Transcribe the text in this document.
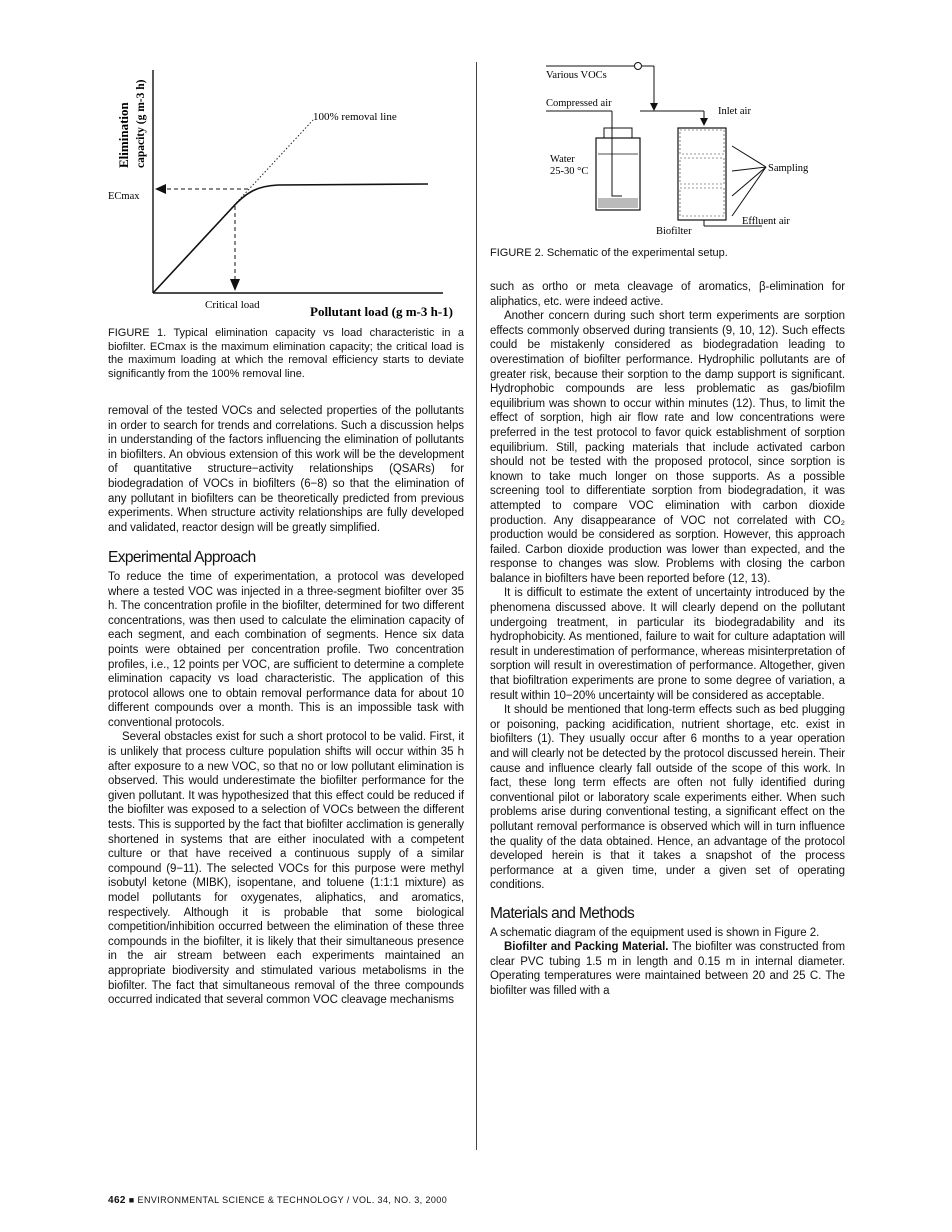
Elimination capacity (g m-3 h)	100% removal line
ECmax
Critical load	Pollutant load (g m-3 h-1)
FIGURE 1. Typical elimination capacity vs load characteristic in a biofilter. ECmax is the maximum elimination capacity; the critical load is the maximum loading at which the removal efficiency starts to deviate significantly from the 100% removal line.

removal of the tested VOCs and selected properties of the pollutants in order to search for trends and correlations. Such a discussion helps in understanding of the factors influencing the elimination of pollutants in biofilters. An obvious extension of this work will be the development of quantitative structure−activity relationships (QSARs) for biodegradation of VOCs in biofilters (6−8) so that the elimination of any pollutant in biofilters can be theoretically predicted from previous experiments. When structure activity relationships are fully developed and validated, reactor design will be greatly simplified.

Experimental Approach

To reduce the time of experimentation, a protocol was developed where a tested VOC was injected in a three-segment biofilter over 35 h. The concentration profile in the biofilter, determined for two different concentrations, was then used to calculate the elimination capacity of each segment, and each combination of segments. Hence six data points were obtained per concentration profile. Two concentration profiles, i.e., 12 points per VOC, are sufficient to determine a complete elimination capacity vs load characteristic. The application of this protocol allows one to obtain removal performance data for about 10 different compounds over a month. This is an impossible task with conventional protocols.

Several obstacles exist for such a short protocol to be valid. First, it is unlikely that process culture population shifts will occur within 35 h after exposure to a new VOC, so that no or low pollutant elimination is observed. This would underestimate the biofilter performance for the given pollutant. It was hypothesized that this effect could be reduced if the biofilter was exposed to a selection of VOCs between the different tests. This is supported by the fact that biofilter acclimation is generally shortened in systems that are either inoculated with a competent culture or that have received a continuous supply of a similar compound (9−11). The selected VOCs for this purpose were methyl isobutyl ketone (MIBK), isopentane, and toluene (1:1:1 mixture) as model pollutants for oxygenates, aliphatics, and aromatics, respectively. Although it is probable that some biological competition/inhibition occurred between the elimination of these three compounds in the biofilter, it is likely that their simultaneous presence in the air stream between each experiments maintained an appropriate biodiversity and stimulated various metabolisms in the biofilter. The fact that simultaneous removal of the three compounds occurred indicated that several common VOC cleavage mechanisms

Various VOCs
Compressed air
Water
25-30 °C
Inlet air
Sampling
Effluent air
Biofilter
FIGURE 2. Schematic of the experimental setup.

such as ortho or meta cleavage of aromatics, β-elimination for aliphatics, etc. were indeed active.

Another concern during such short term experiments are sorption effects commonly observed during transients (9, 10, 12). Such effects could be mistakenly considered as biodegradation leading to overestimation of biofilter performance. Hydrophilic pollutants are of greater risk, because their sorption to the damp support is significant. Hydrophobic compounds are less problematic as gas/biofilm equilibrium was shown to occur within minutes (12). Thus, to limit the effect of sorption, high air flow rate and low concentrations were preferred in the test protocol to favor quick establishment of sorption equilibrium. Still, packing materials that include activated carbon should not be tested with the proposed protocol, since sorption is known to take much longer on those supports. As a possible screening tool to differentiate sorption from biodegradation, it was attempted to compare VOC elimination with carbon dioxide production. Any disappearance of VOC not correlated with CO₂ production would be considered as sorption. However, this approach failed. Carbon dioxide production was lower than expected, and the response to changes was slow. Problems with closing the carbon balance in biofilters have been reported before (12, 13).

It is difficult to estimate the extent of uncertainty introduced by the phenomena discussed above. It will clearly depend on the pollutant undergoing treatment, in particular its biodegradability and its hydrophobicity. As mentioned, failure to wait for culture adaptation will result in underestimation of performance, whereas misinterpretation of sorption will result in overestimation of performance. Altogether, given that biofiltration experiments are prone to some degree of variation, a result within 10−20% uncertainty will be considered as acceptable.

It should be mentioned that long-term effects such as bed plugging or poisoning, packing acidification, nutrient shortage, etc. exist in biofilters (1). They usually occur after 6 months to a year operation and will clearly not be detected by the protocol discussed herein. Their cause and influence clearly fall outside of the scope of this work. In fact, these long term effects are often not fully identified during conventional pilot or laboratory scale experiments either. When such problems arise during conventional testing, a significant effect on the pollutant removal performance is observed which will in turn influence the quality of the data obtained. Hence, an advantage of the protocol developed herein is that it takes a snapshot of the process performance at a given time, under a given set of operating conditions.

Materials and Methods

A schematic diagram of the equipment used is shown in Figure 2.

Biofilter and Packing Material. The biofilter was constructed from clear PVC tubing 1.5 m in length and 0.15 m in internal diameter. Operating temperatures were maintained between 20 and 25 C. The biofilter was filled with a

462 ■ ENVIRONMENTAL SCIENCE & TECHNOLOGY / VOL. 34, NO. 3, 2000
